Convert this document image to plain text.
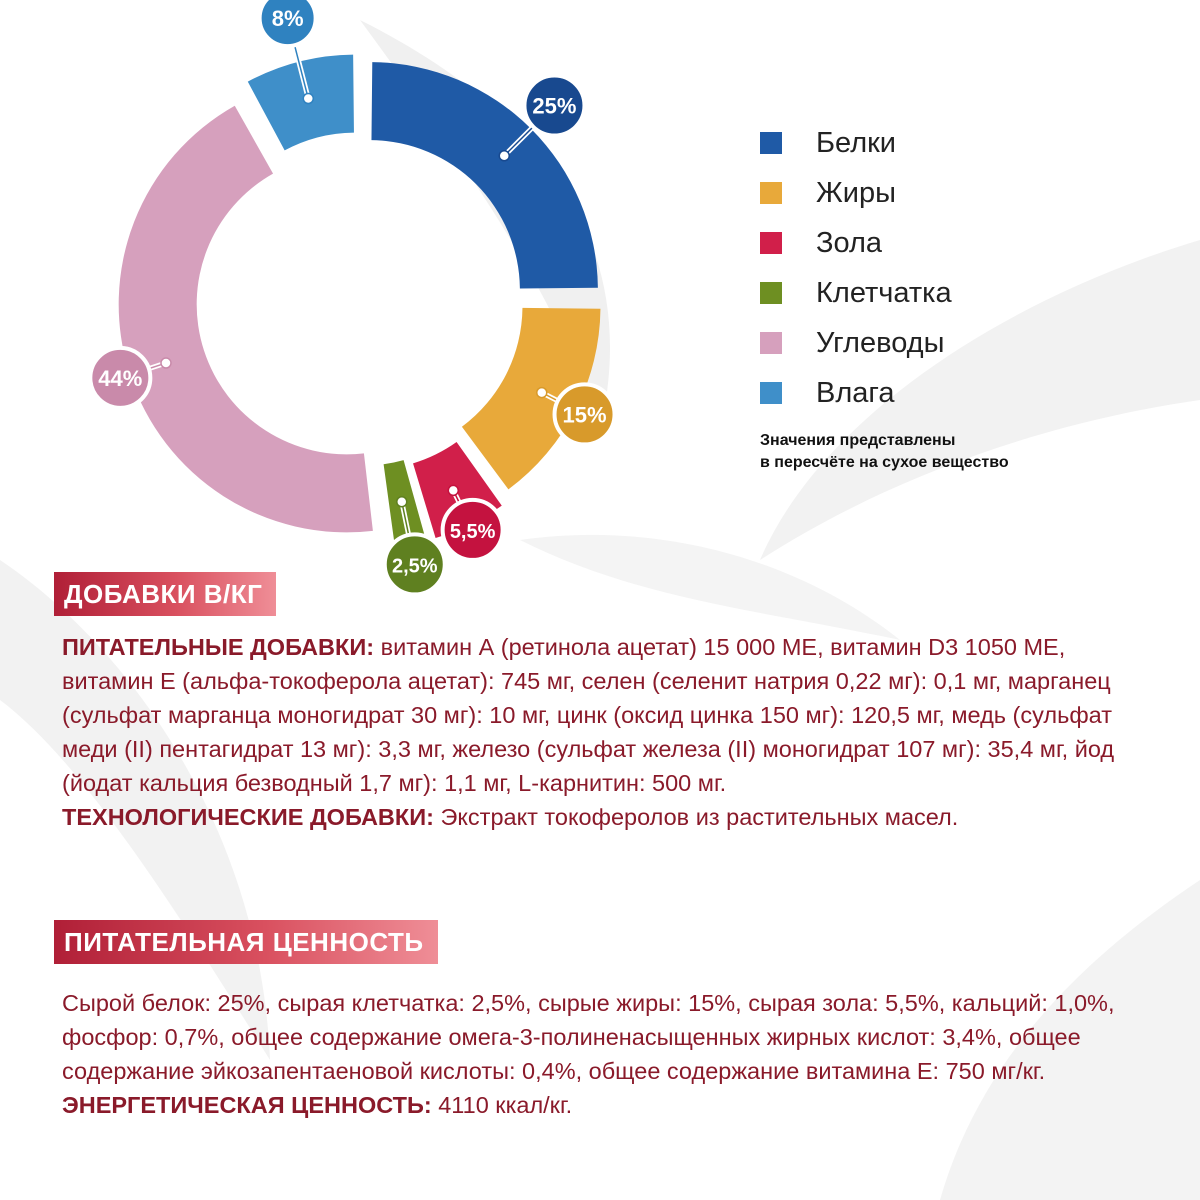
25%
15%
5,5%
2,5%
44%
8%
Белки
Жиры
Зола
Клетчатка
Углеводы
Влага
Значения представлены
в пересчёте на сухое вещество
ДОБАВКИ В/КГ

ПИТАТЕЛЬНЫЕ ДОБАВКИ: витамин А (ретинола ацетат) 15 000 МЕ, витамин D3 1050 МЕ, витамин Е (альфа-токоферола ацетат): 745 мг, селен (селенит натрия 0,22 мг): 0,1 мг, марганец (сульфат марганца моногидрат 30 мг): 10 мг, цинк (оксид цинка 150 мг): 120,5 мг, медь (сульфат меди (II) пентагидрат 13 мг): 3,3 мг, железо (сульфат железа (II) моногидрат 107 мг): 35,4 мг, йод (йодат кальция безводный 1,7 мг): 1,1 мг, L-карнитин: 500 мг.

ТЕХНОЛОГИЧЕСКИЕ ДОБАВКИ: Экстракт токоферолов из растительных масел.

ПИТАТЕЛЬНАЯ ЦЕННОСТЬ

Сырой белок: 25%, сырая клетчатка: 2,5%, сырые жиры: 15%, сырая зола: 5,5%, кальций: 1,0%, фосфор: 0,7%, общее содержание омега-3-полиненасыщенных жирных кислот: 3,4%, общее содержание эйкозапентаеновой кислоты: 0,4%, общее содержание витамина Е: 750 мг/кг.

ЭНЕРГЕТИЧЕСКАЯ ЦЕННОСТЬ: 4110 ккал/кг.
